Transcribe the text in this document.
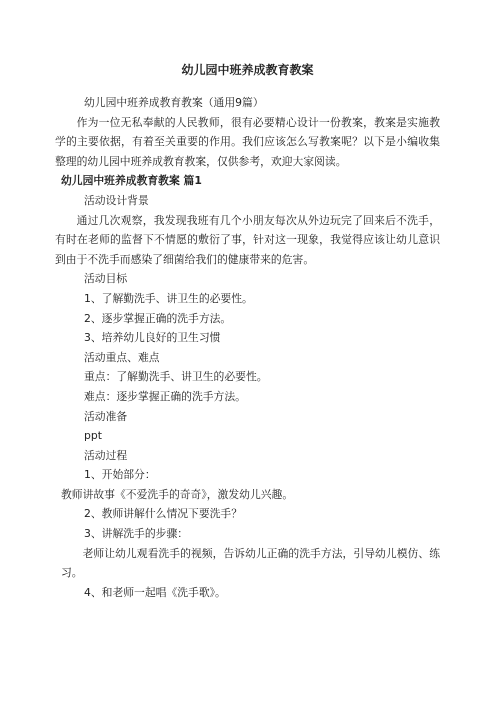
幼儿园中班养成教育教案

幼儿园中班养成教育教案（通用9篇）

作为一位无私奉献的人民教师，很有必要精心设计一份教案，教案是实施教学的主要依据，有着至关重要的作用。我们应该怎么写教案呢？以下是小编收集整理的幼儿园中班养成教育教案，仅供参考，欢迎大家阅读。

幼儿园中班养成教育教案 篇1

活动设计背景

通过几次观察，我发现我班有几个小朋友每次从外边玩完了回来后不洗手，有时在老师的监督下不情愿的敷衍了事，针对这一现象，我觉得应该让幼儿意识到由于不洗手而感染了细菌给我们的健康带来的危害。

活动目标

1、了解勤洗手、讲卫生的必要性。

2、逐步掌握正确的洗手方法。

3、培养幼儿良好的卫生习惯

活动重点、难点

重点：了解勤洗手、讲卫生的必要性。

难点：逐步掌握正确的洗手方法。

活动准备

ppt

活动过程

1、开始部分：

教师讲故事《不爱洗手的奇奇》，激发幼儿兴趣。

2、教师讲解什么情况下要洗手？

3、讲解洗手的步骤：

老师让幼儿观看洗手的视频，告诉幼儿正确的洗手方法，引导幼儿模仿、练习。

4、和老师一起唱《洗手歌》。
